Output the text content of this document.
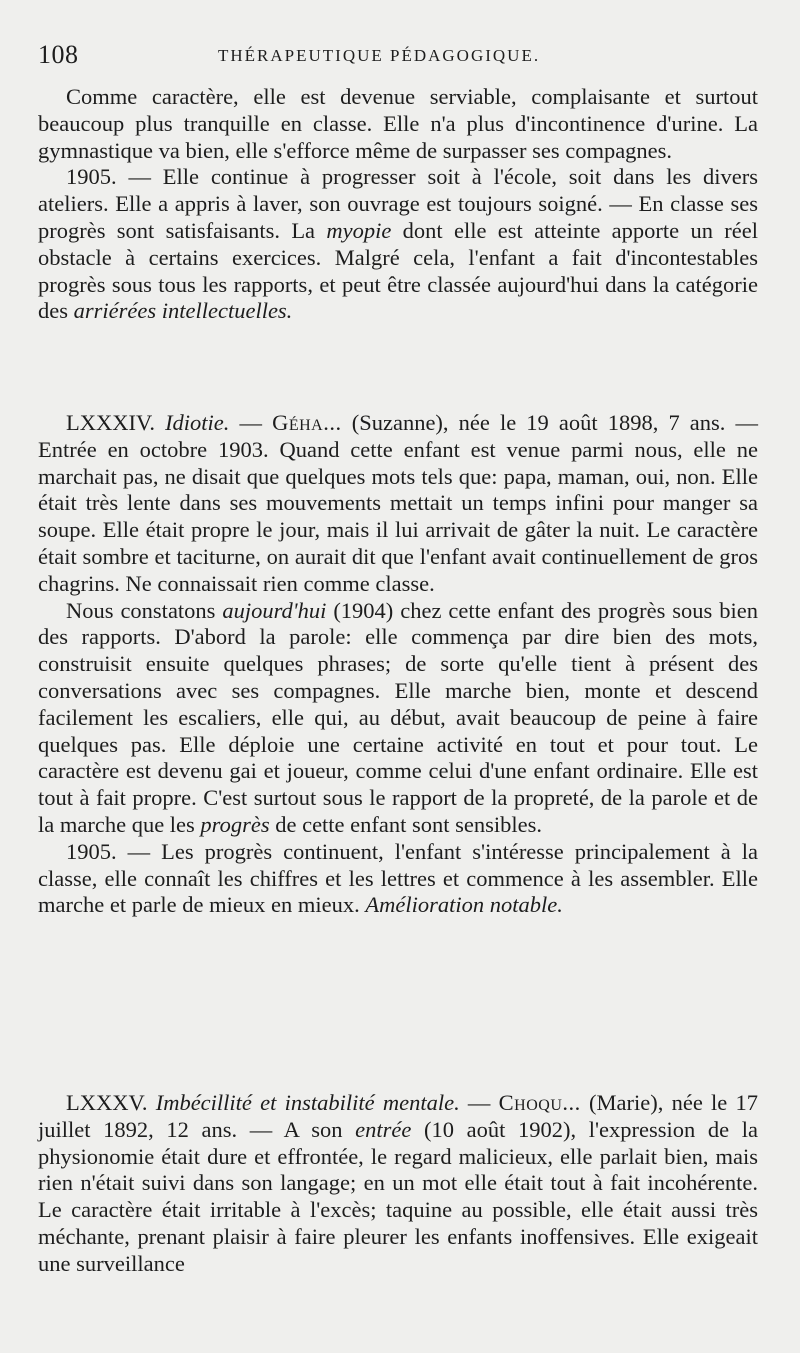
108	THÉRAPEUTIQUE PÉDAGOGIQUE.

Comme caractère, elle est devenue serviable, complaisante et surtout beaucoup plus tranquille en classe. Elle n'a plus d'incontinence d'urine. La gymnastique va bien, elle s'efforce même de surpasser ses compagnes.

1905. — Elle continue à progresser soit à l'école, soit dans les divers ateliers. Elle a appris à laver, son ouvrage est toujours soigné. — En classe ses progrès sont satisfaisants. La myopie dont elle est atteinte apporte un réel obstacle à certains exercices. Malgré cela, l'enfant a fait d'incontestables progrès sous tous les rapports, et peut être classée aujourd'hui dans la catégorie des arriérées intellectuelles.

LXXXIV. Idiotie. — Géha... (Suzanne), née le 19 août 1898, 7 ans. — Entrée en octobre 1903. Quand cette enfant est venue parmi nous, elle ne marchait pas, ne disait que quelques mots tels que: papa, maman, oui, non. Elle était très lente dans ses mouvements mettait un temps infini pour manger sa soupe. Elle était propre le jour, mais il lui arrivait de gâter la nuit. Le caractère était sombre et taciturne, on aurait dit que l'enfant avait continuellement de gros chagrins. Ne connaissait rien comme classe.

Nous constatons aujourd'hui (1904) chez cette enfant des progrès sous bien des rapports. D'abord la parole: elle commença par dire bien des mots, construisit ensuite quelques phrases; de sorte qu'elle tient à présent des conversations avec ses compagnes. Elle marche bien, monte et descend facilement les escaliers, elle qui, au début, avait beaucoup de peine à faire quelques pas. Elle déploie une certaine activité en tout et pour tout. Le caractère est devenu gai et joueur, comme celui d'une enfant ordinaire. Elle est tout à fait propre. C'est surtout sous le rapport de la propreté, de la parole et de la marche que les progrès de cette enfant sont sensibles.

1905. — Les progrès continuent, l'enfant s'intéresse principalement à la classe, elle connaît les chiffres et les lettres et commence à les assembler. Elle marche et parle de mieux en mieux. Amélioration notable.

LXXXV. Imbécillité et instabilité mentale. — Choqu... (Marie), née le 17 juillet 1892, 12 ans. — A son entrée (10 août 1902), l'expression de la physionomie était dure et effrontée, le regard malicieux, elle parlait bien, mais rien n'était suivi dans son langage; en un mot elle était tout à fait incohérente. Le caractère était irritable à l'excès; taquine au possible, elle était aussi très méchante, prenant plaisir à faire pleurer les enfants inoffensives. Elle exigeait une surveillance
